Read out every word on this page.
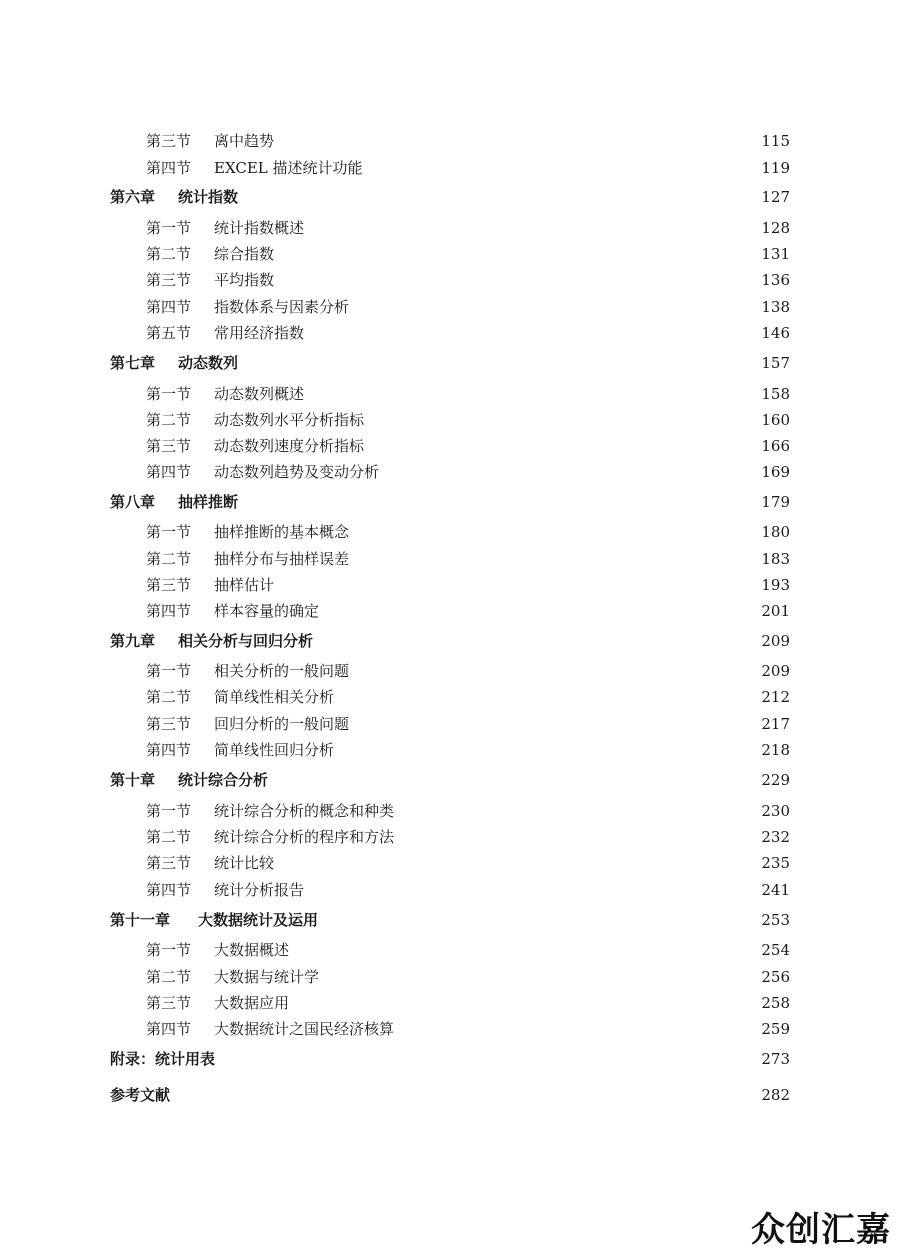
第三节 离中趋势	115
第四节 EXCEL 描述统计功能	119
第六章 统计指数	127
第一节 统计指数概述	128
第二节 综合指数	131
第三节 平均指数	136
第四节 指数体系与因素分析	138
第五节 常用经济指数	146
第七章 动态数列	157
第一节 动态数列概述	158
第二节 动态数列水平分析指标	160
第三节 动态数列速度分析指标	166
第四节 动态数列趋势及变动分析	169
第八章 抽样推断	179
第一节 抽样推断的基本概念	180
第二节 抽样分布与抽样误差	183
第三节 抽样估计	193
第四节 样本容量的确定	201
第九章 相关分析与回归分析	209
第一节 相关分析的一般问题	209
第二节 简单线性相关分析	212
第三节 回归分析的一般问题	217
第四节 简单线性回归分析	218
第十章 统计综合分析	229
第一节 统计综合分析的概念和种类	230
第二节 统计综合分析的程序和方法	232
第三节 统计比较	235
第四节 统计分析报告	241
第十一章 大数据统计及运用	253
第一节 大数据概述	254
第二节 大数据与统计学	256
第三节 大数据应用	258
第四节 大数据统计之国民经济核算	259
附录：统计用表	273
参考文献	282
众创汇嘉
